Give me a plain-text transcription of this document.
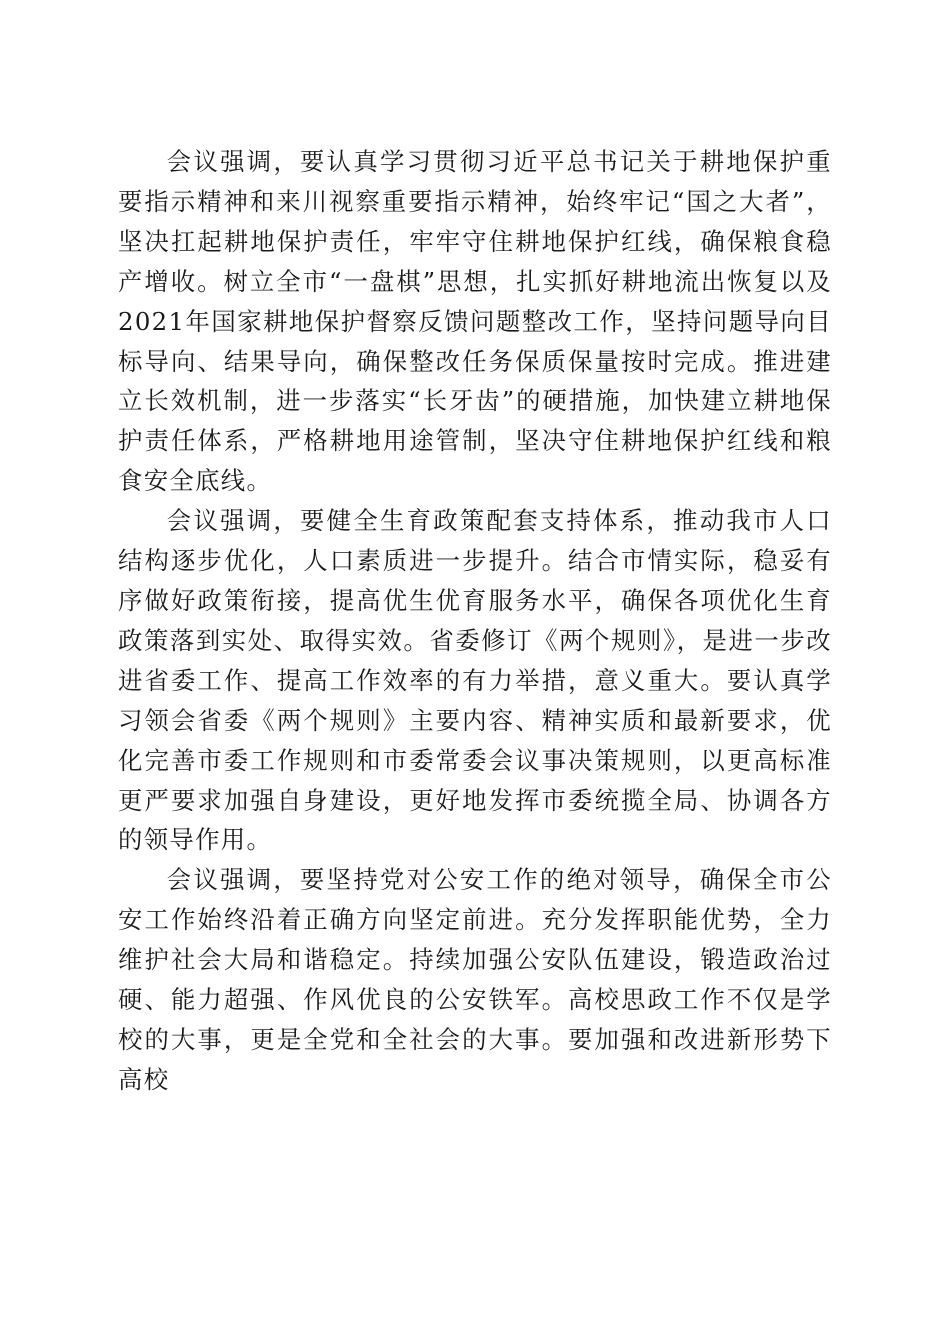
会议强调，要认真学习贯彻习近平总书记关于耕地保护重要指示精神和来川视察重要指示精神，始终牢记“国之大者”，坚决扛起耕地保护责任，牢牢守住耕地保护红线，确保粮食稳产增收。树立全市“一盘棋”思想，扎实抓好耕地流出恢复以及2021年国家耕地保护督察反馈问题整改工作，坚持问题导向目标导向、结果导向，确保整改任务保质保量按时完成。推进建立长效机制，进一步落实“长牙齿”的硬措施，加快建立耕地保护责任体系，严格耕地用途管制，坚决守住耕地保护红线和粮食安全底线。

会议强调，要健全生育政策配套支持体系，推动我市人口结构逐步优化，人口素质进一步提升。结合市情实际，稳妥有序做好政策衔接，提高优生优育服务水平，确保各项优化生育政策落到实处、取得实效。省委修订《两个规则》，是进一步改进省委工作、提高工作效率的有力举措，意义重大。要认真学习领会省委《两个规则》主要内容、精神实质和最新要求，优化完善市委工作规则和市委常委会议事决策规则，以更高标准更严要求加强自身建设，更好地发挥市委统揽全局、协调各方的领导作用。

会议强调，要坚持党对公安工作的绝对领导，确保全市公安工作始终沿着正确方向坚定前进。充分发挥职能优势，全力维护社会大局和谐稳定。持续加强公安队伍建设，锻造政治过硬、能力超强、作风优良的公安铁军。高校思政工作不仅是学校的大事，更是全党和全社会的大事。要加强和改进新形势下高校
